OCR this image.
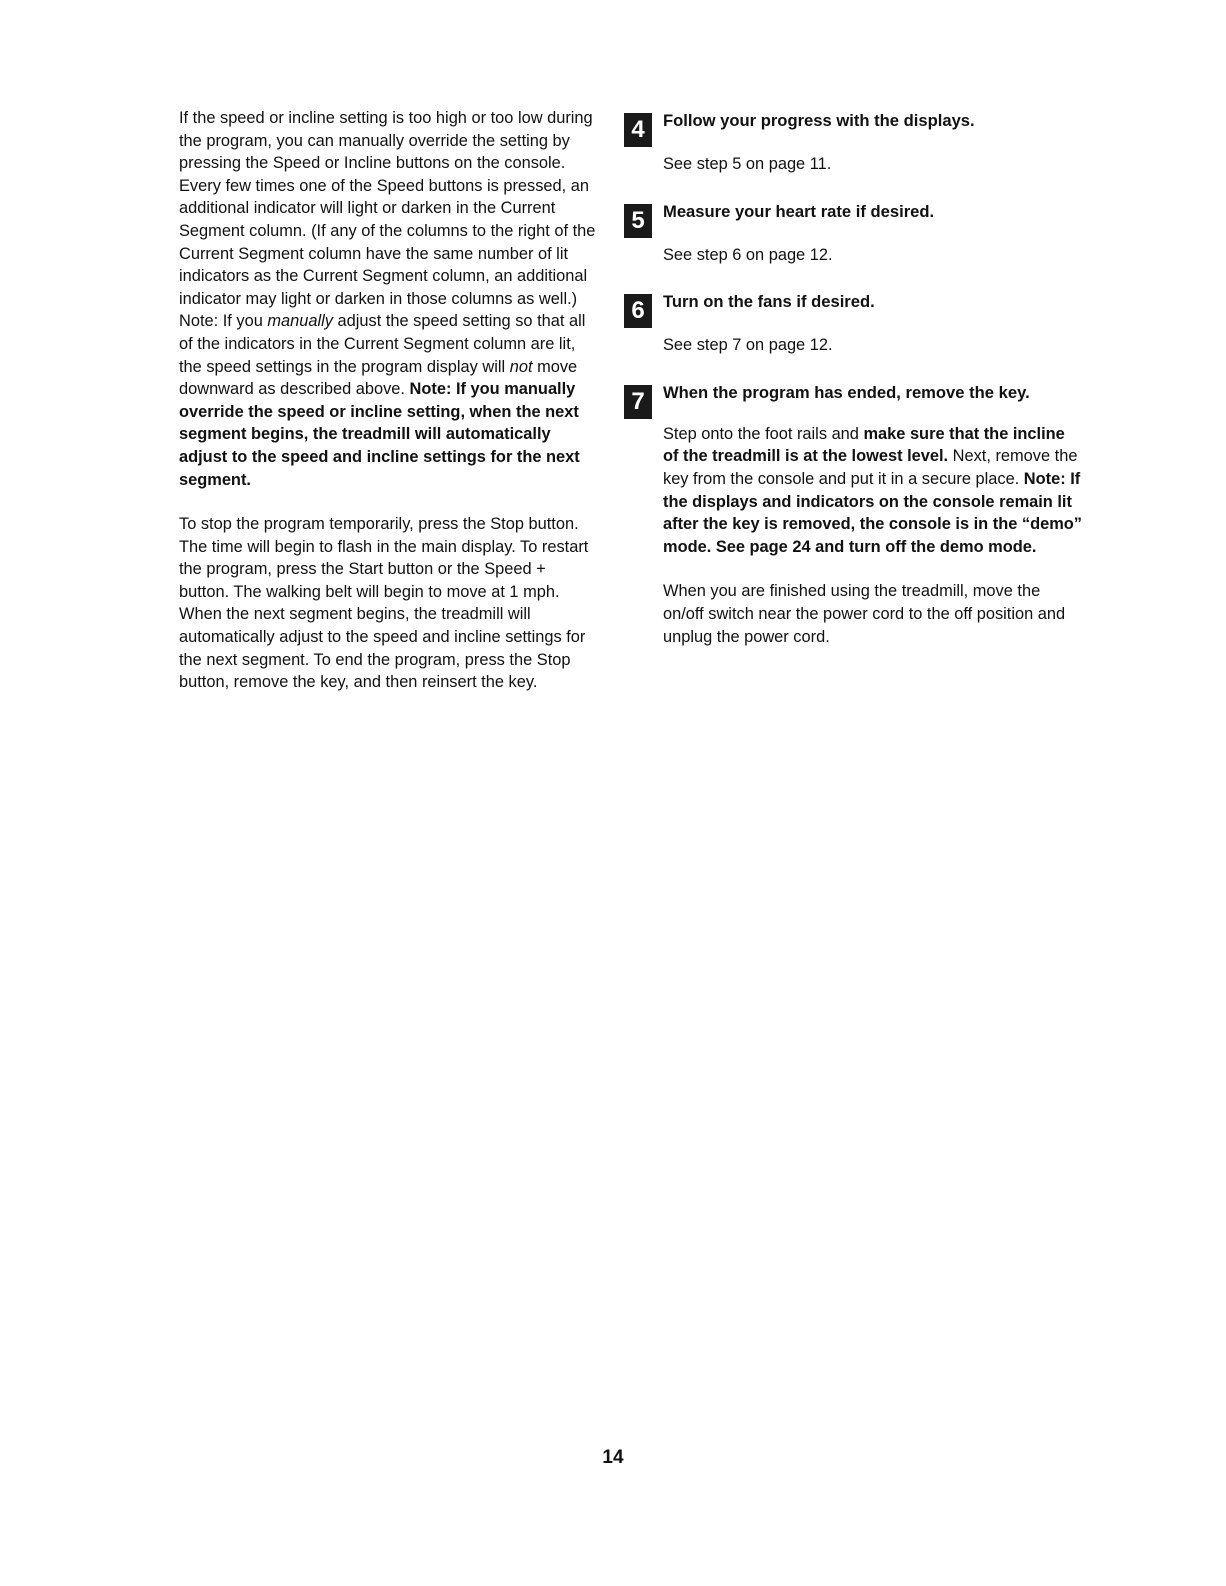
If the speed or incline setting is too high or too low during the program, you can manually override the setting by pressing the Speed or Incline buttons on the console. Every few times one of the Speed buttons is pressed, an additional indicator will light or darken in the Current Segment column. (If any of the columns to the right of the Current Segment column have the same number of lit indicators as the Current Segment column, an additional indicator may light or darken in those columns as well.) Note: If you manually adjust the speed setting so that all of the indicators in the Current Segment column are lit, the speed settings in the program display will not move downward as described above. Note: If you manually override the speed or incline setting, when the next segment begins, the treadmill will automatically adjust to the speed and incline settings for the next segment.

To stop the program temporarily, press the Stop button. The time will begin to flash in the main display. To restart the program, press the Start button or the Speed + button. The walking belt will begin to move at 1 mph. When the next segment begins, the treadmill will automatically adjust to the speed and incline settings for the next segment. To end the program, press the Stop button, remove the key, and then reinsert the key.

4	Follow your progress with the displays.

See step 5 on page 11.

5	Measure your heart rate if desired.

See step 6 on page 12.

6	Turn on the fans if desired.

See step 7 on page 12.

7	When the program has ended, remove the key.

Step onto the foot rails and make sure that the incline of the treadmill is at the lowest level. Next, remove the key from the console and put it in a secure place. Note: If the displays and indicators on the console remain lit after the key is removed, the console is in the “demo” mode. See page 24 and turn off the demo mode.

When you are finished using the treadmill, move the on/off switch near the power cord to the off position and unplug the power cord.

14
